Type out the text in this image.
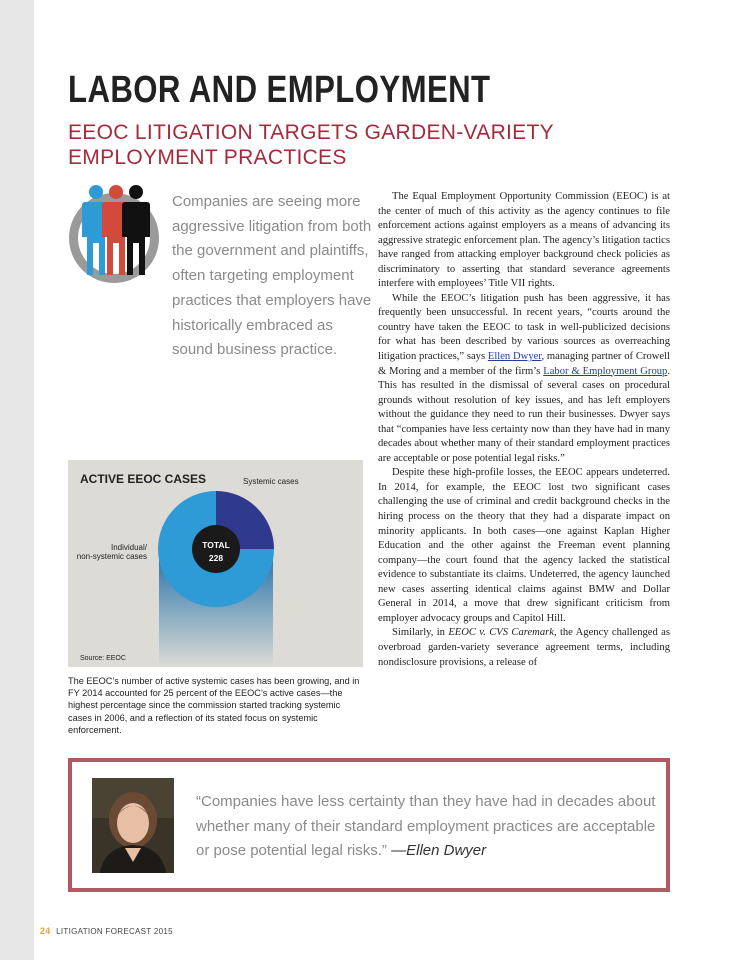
LABOR AND EMPLOYMENT
EEOC LITIGATION TARGETS GARDEN-VARIETY EMPLOYMENT PRACTICES

Companies are seeing more aggressive litigation from both the government and plaintiffs, often targeting employment practices that employers have historically embraced as sound business practice.

The Equal Employment Opportunity Commission (EEOC) is at the center of much of this activity as the agency continues to file enforcement actions against employers as a means of advancing its aggressive strategic enforcement plan. The agency’s litigation tactics have ranged from attacking employer background check policies as discriminatory to asserting that standard severance agreements interfere with employees’ Title VII rights.

While the EEOC’s litigation push has been aggressive, it has frequently been unsuccessful. In recent years, “courts around the country have taken the EEOC to task in well-publicized decisions for what has been described by various sources as overreaching litigation practices,” says Ellen Dwyer, managing partner of Crowell & Moring and a member of the firm’s Labor & Employment Group. This has resulted in the dismissal of several cases on procedural grounds without resolution of key issues, and has left employers without the guidance they need to run their businesses. Dwyer says that “companies have less certainty now than they have had in many decades about whether many of their standard employment practices are acceptable or pose potential legal risks.”

Despite these high-profile losses, the EEOC appears undeterred. In 2014, for example, the EEOC lost two significant cases challenging the use of criminal and credit background checks in the hiring process on the theory that they had a disparate impact on minority applicants. In both cases—one against Kaplan Higher Education and the other against the Freeman event planning company—the court found that the agency lacked the statistical evidence to substantiate its claims. Undeterred, the agency launched new cases asserting identical claims against BMW and Dollar General in 2014, a move that drew significant criticism from employer advocacy groups and Capitol Hill.

Similarly, in EEOC v. CVS Caremark, the Agency challenged as overbroad garden-variety severance agreement terms, including nondisclosure provisions, a release of

TOTAL
228
ACTIVE EEOC CASES	Systemic cases
Individual/
non-systemic cases
Source: EEOC

The EEOC’s number of active systemic cases has been growing, and in FY 2014 accounted for 25 percent of the EEOC’s active cases—the highest percentage since the commission started tracking systemic cases in 2006, and a reflection of its stated focus on systemic enforcement.

“Companies have less certainty than they have had in decades about whether many of their standard employment practices are acceptable or pose potential legal risks.” —Ellen Dwyer

24 LITIGATION FORECAST 2015
